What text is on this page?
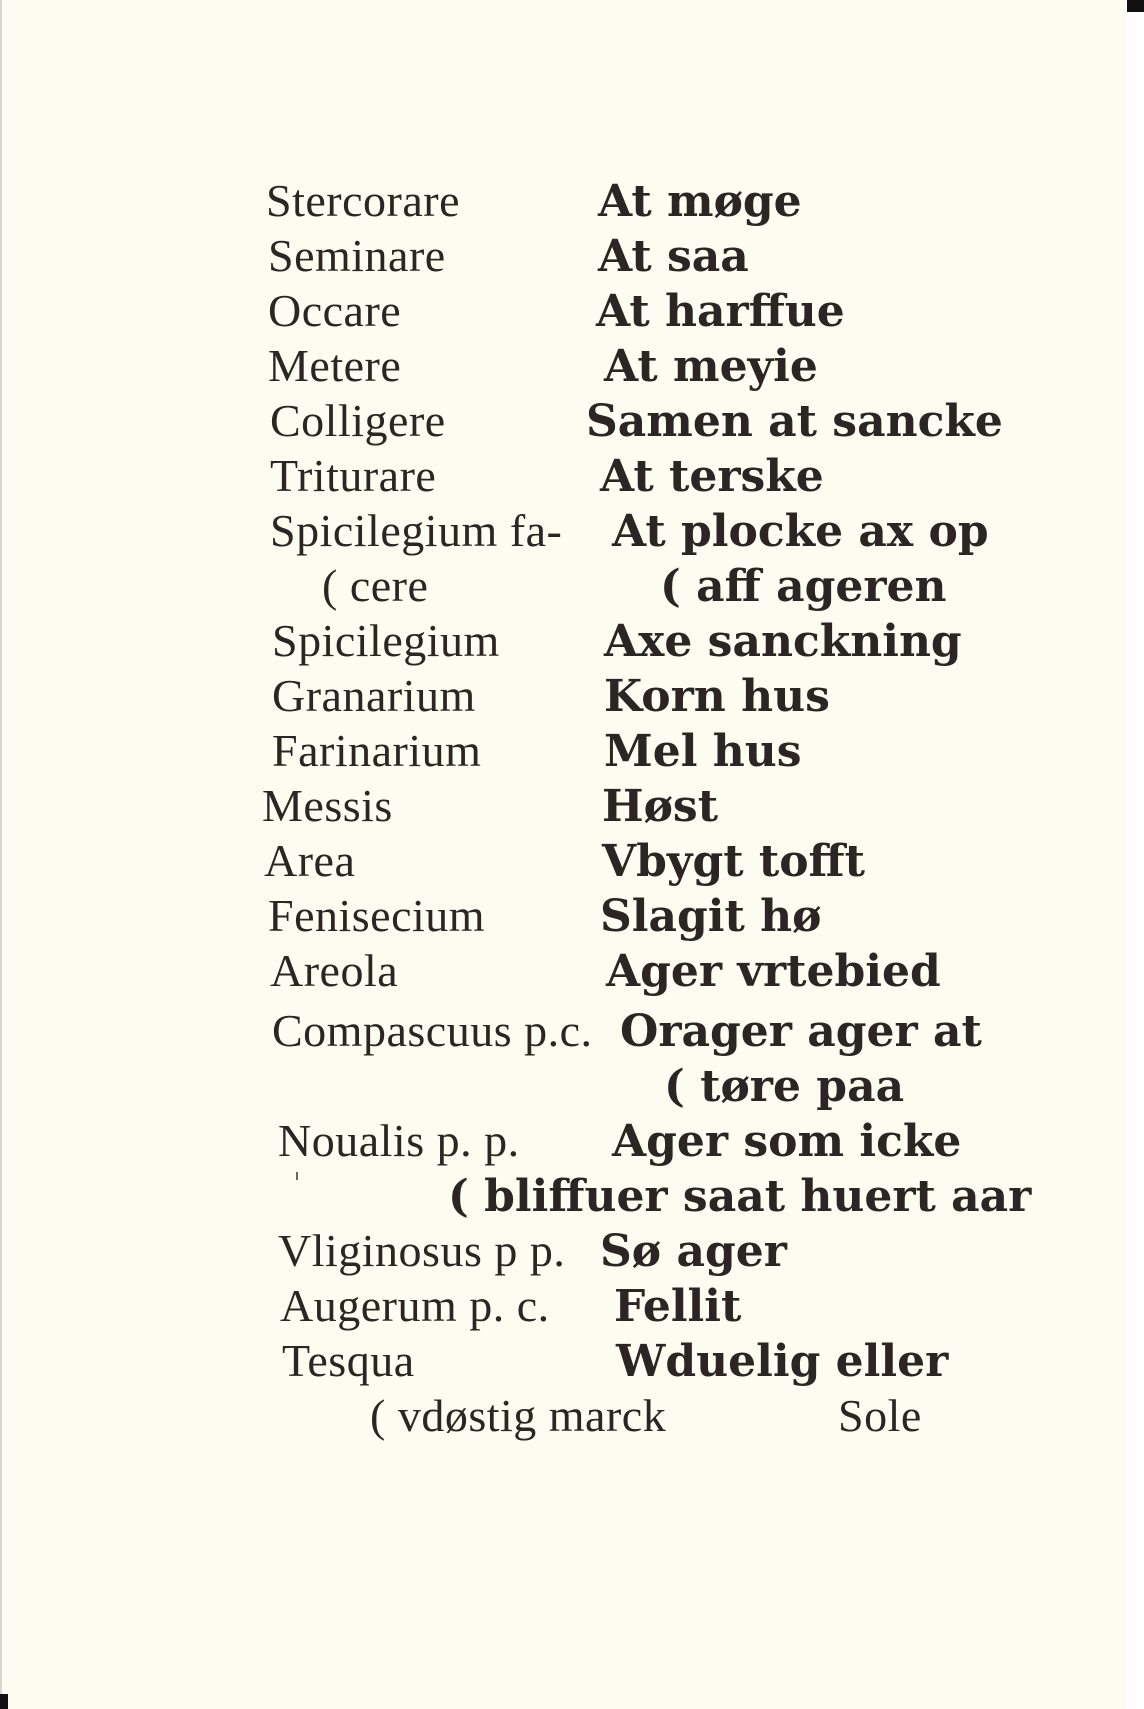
Stercorare
Seminare
Occare
Metere
Colligere
Triturare
Spicilegium fa-
( cere
Spicilegium
Granarium
Farinarium
Messis
Area
Fenisecium
Areola
Compascuus p.c.
Noualis p. p.
Vliginosus p p.
Augerum p. c.
Tesqua
( vdøstig marck
At møge
At saa
At harffue
At meyie
Samen at sancke
At terske
At plocke ax op
( aff ageren
Axe sanckning
Korn hus
Mel hus
Høst
Vbygt tofft
Slagit hø
Ager vrtebied
Orager ager at
( tøre paa
Ager som icke
( bliffuer saat huert aar
Sø ager
Fellit
Wduelig eller
Sole
